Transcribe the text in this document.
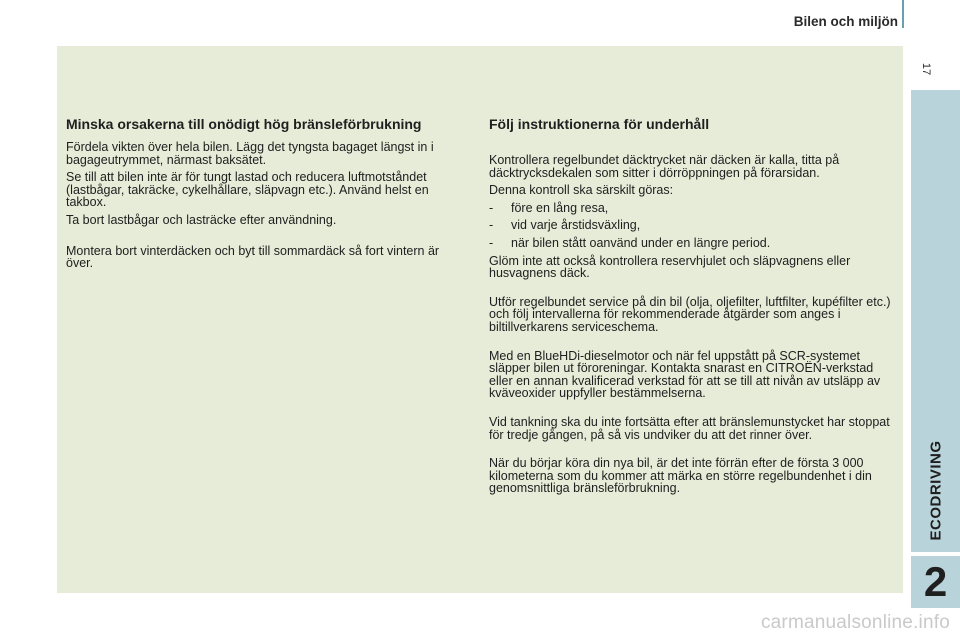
Bilen och miljön
17
ECODRIVING
2
Minska orsakerna till onödigt hög bränsleförbrukning

Fördela vikten över hela bilen. Lägg det tyngsta bagaget längst in i bagageutrymmet, närmast baksätet.

Se till att bilen inte är för tungt lastad och reducera luftmotståndet (lastbågar, takräcke, cykelhållare, släpvagn etc.). Använd helst en takbox.

Ta bort lastbågar och lasträcke efter användning.

Montera bort vinterdäcken och byt till sommardäck så fort vintern är över.

Följ instruktionerna för underhåll

Kontrollera regelbundet däcktrycket när däcken är kalla, titta på däcktrycksdekalen som sitter i dörröppningen på förarsidan.

Denna kontroll ska särskilt göras:

-	före en lång resa,
-	vid varje årstidsväxling,
-	när bilen stått oanvänd under en längre period.

Glöm inte att också kontrollera reservhjulet och släpvagnens eller husvagnens däck.

Utför regelbundet service på din bil (olja, oljefilter, luftfilter, kupéfilter etc.) och följ intervallerna för rekommenderade åtgärder som anges i biltillverkarens serviceschema.

Med en BlueHDi-dieselmotor och när fel uppstått på SCR-systemet släpper bilen ut föroreningar. Kontakta snarast en CITROËN-verkstad eller en annan kvalificerad verkstad för att se till att nivån av utsläpp av kväveoxider uppfyller bestämmelserna.

Vid tankning ska du inte fortsätta efter att bränslemunstycket har stoppat för tredje gången, på så vis undviker du att det rinner över.

När du börjar köra din nya bil, är det inte förrän efter de första 3 000 kilometerna som du kommer att märka en större regelbundenhet i din genomsnittliga bränsleförbrukning.

carmanualsonline.info
